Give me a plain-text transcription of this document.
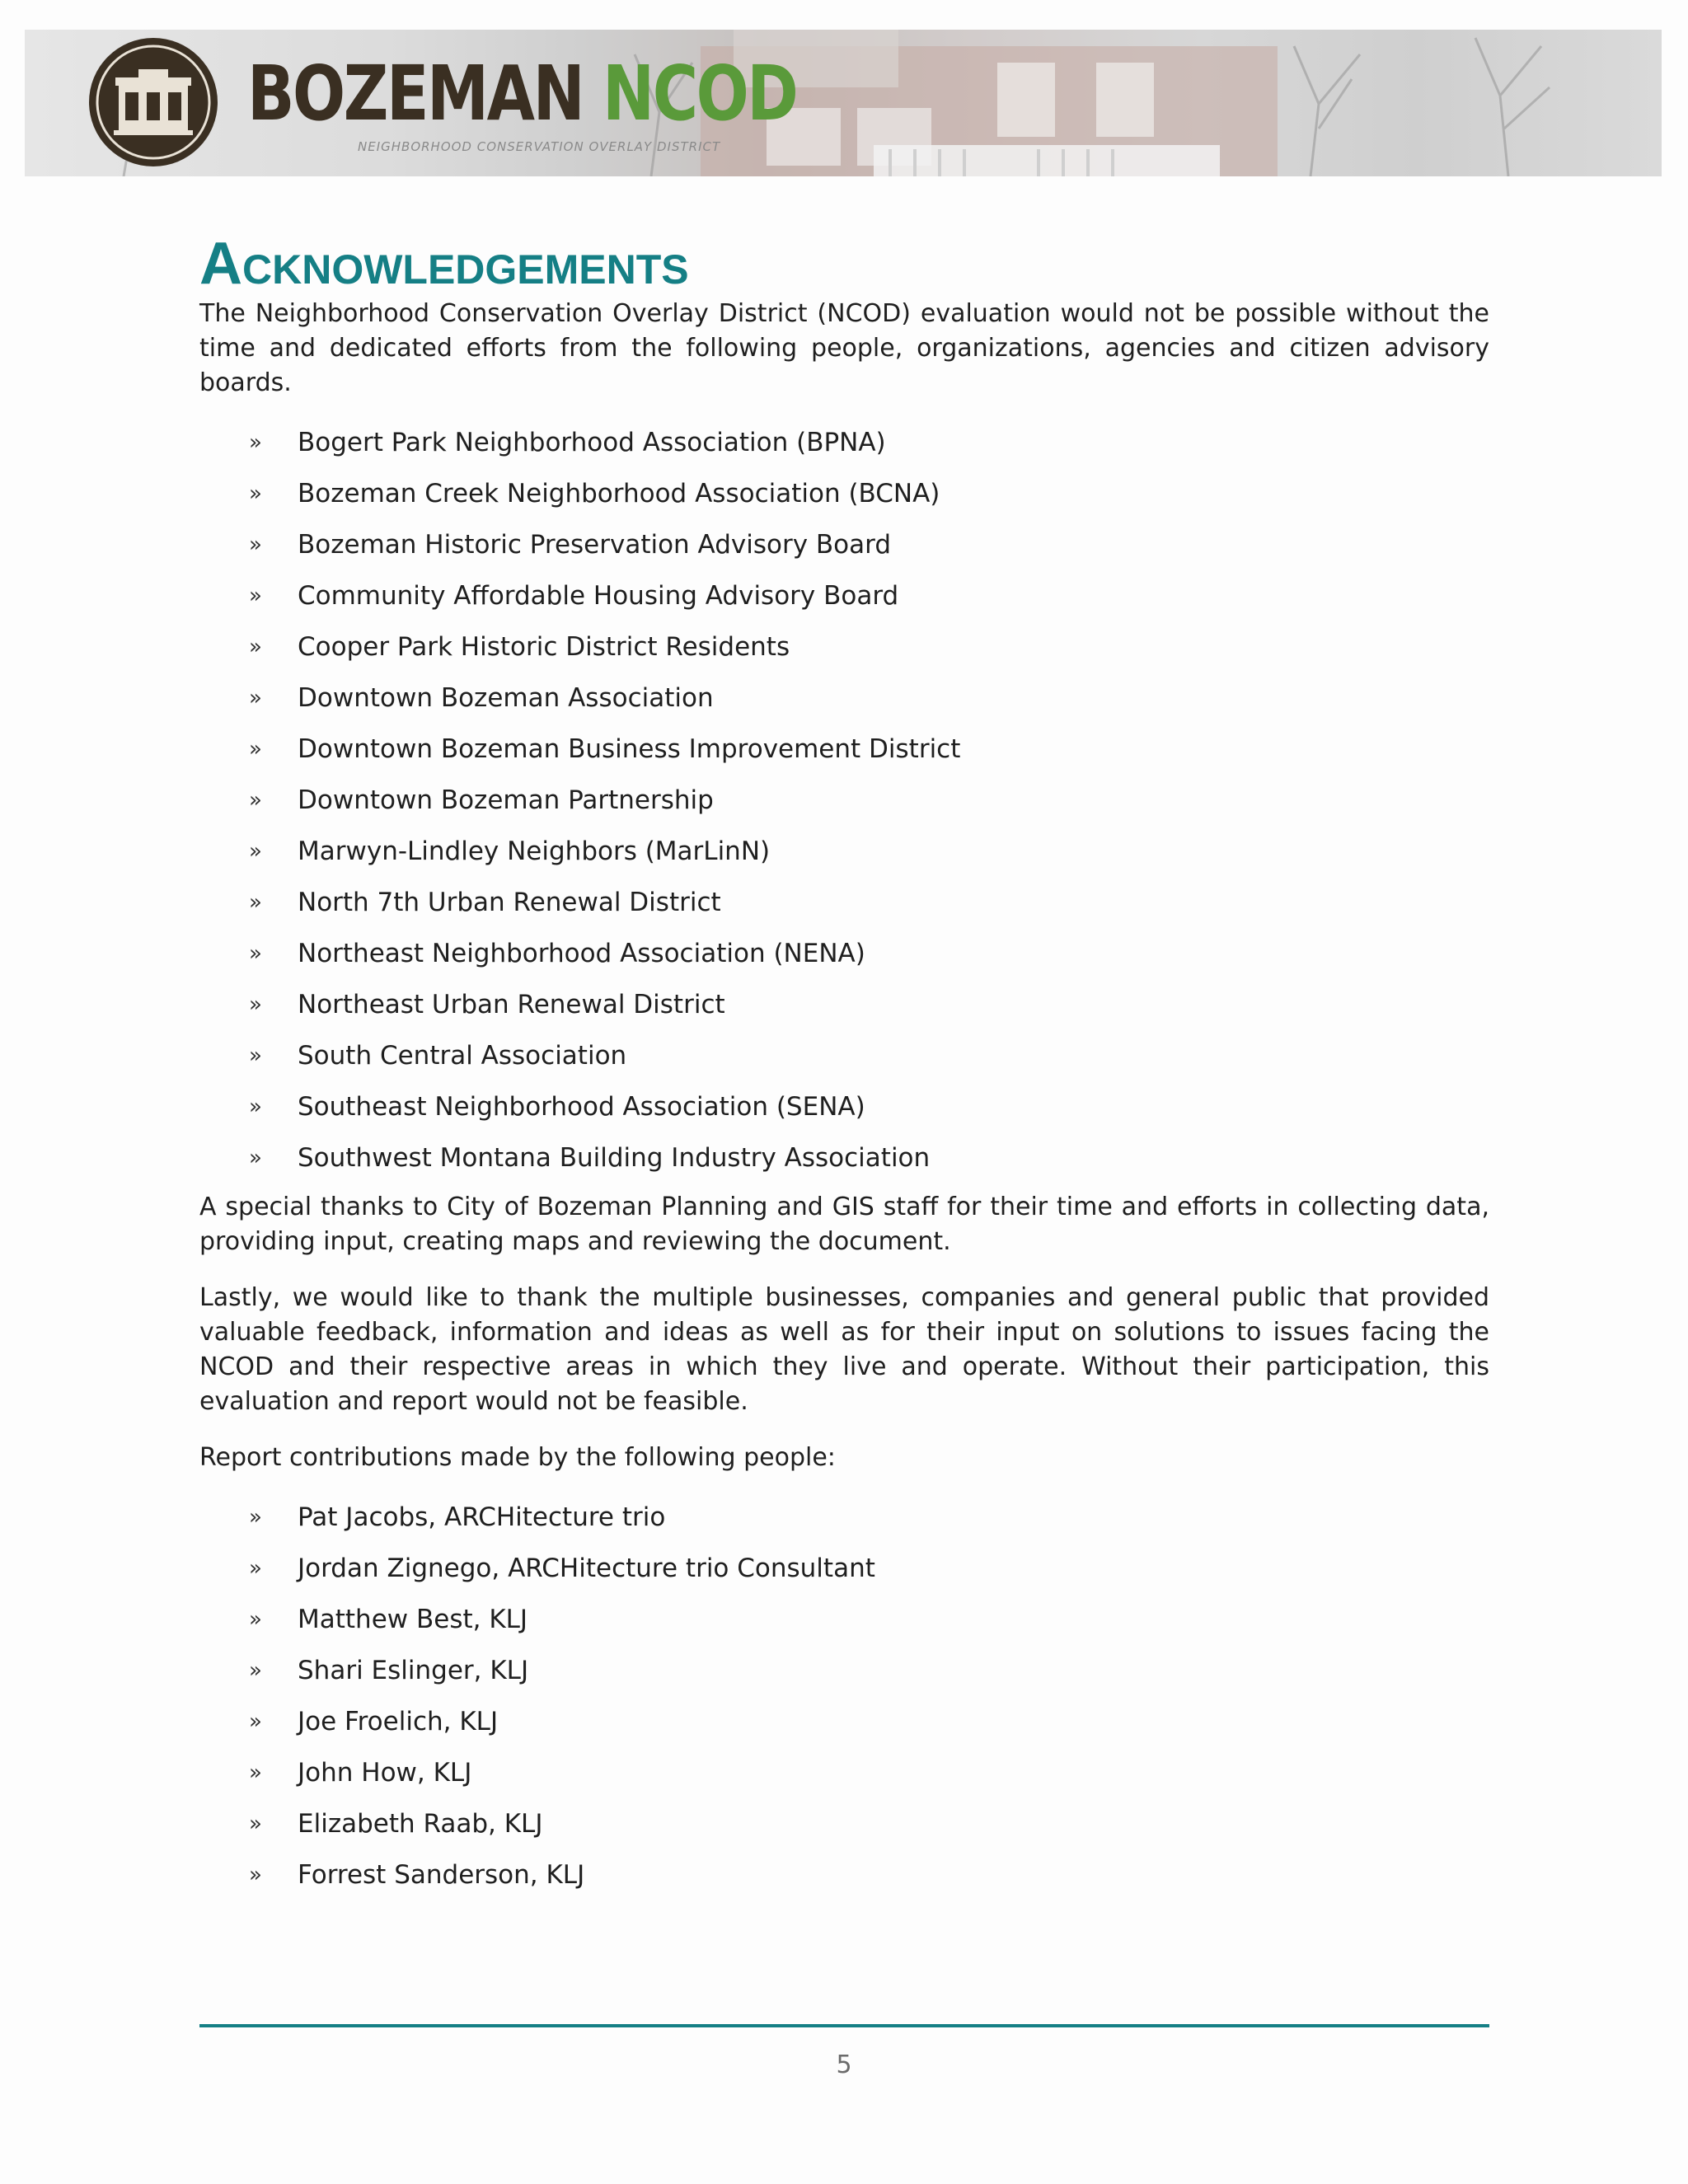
BOZEMAN NCOD
NEIGHBORHOOD CONSERVATION OVERLAY DISTRICT
Acknowledgements

The Neighborhood Conservation Overlay District (NCOD) evaluation would not be possible without the time and dedicated efforts from the following people, organizations, agencies and citizen advisory boards.

» Bogert Park Neighborhood Association (BPNA)
» Bozeman Creek Neighborhood Association (BCNA)
» Bozeman Historic Preservation Advisory Board
» Community Affordable Housing Advisory Board
» Cooper Park Historic District Residents
» Downtown Bozeman Association
» Downtown Bozeman Business Improvement District
» Downtown Bozeman Partnership
» Marwyn-Lindley Neighbors (MarLinN)
» North 7th Urban Renewal District
» Northeast Neighborhood Association (NENA)
» Northeast Urban Renewal District
» South Central Association
» Southeast Neighborhood Association (SENA)
» Southwest Montana Building Industry Association

A special thanks to City of Bozeman Planning and GIS staff for their time and efforts in collecting data, providing input, creating maps and reviewing the document.

Lastly, we would like to thank the multiple businesses, companies and general public that provided valuable feedback, information and ideas as well as for their input on solutions to issues facing the NCOD and their respective areas in which they live and operate. Without their participation, this evaluation and report would not be feasible.

Report contributions made by the following people:

» Pat Jacobs, ARCHitecture trio
» Jordan Zignego, ARCHitecture trio Consultant
» Matthew Best, KLJ
» Shari Eslinger, KLJ
» Joe Froelich, KLJ
» John How, KLJ
» Elizabeth Raab, KLJ
» Forrest Sanderson, KLJ
5
